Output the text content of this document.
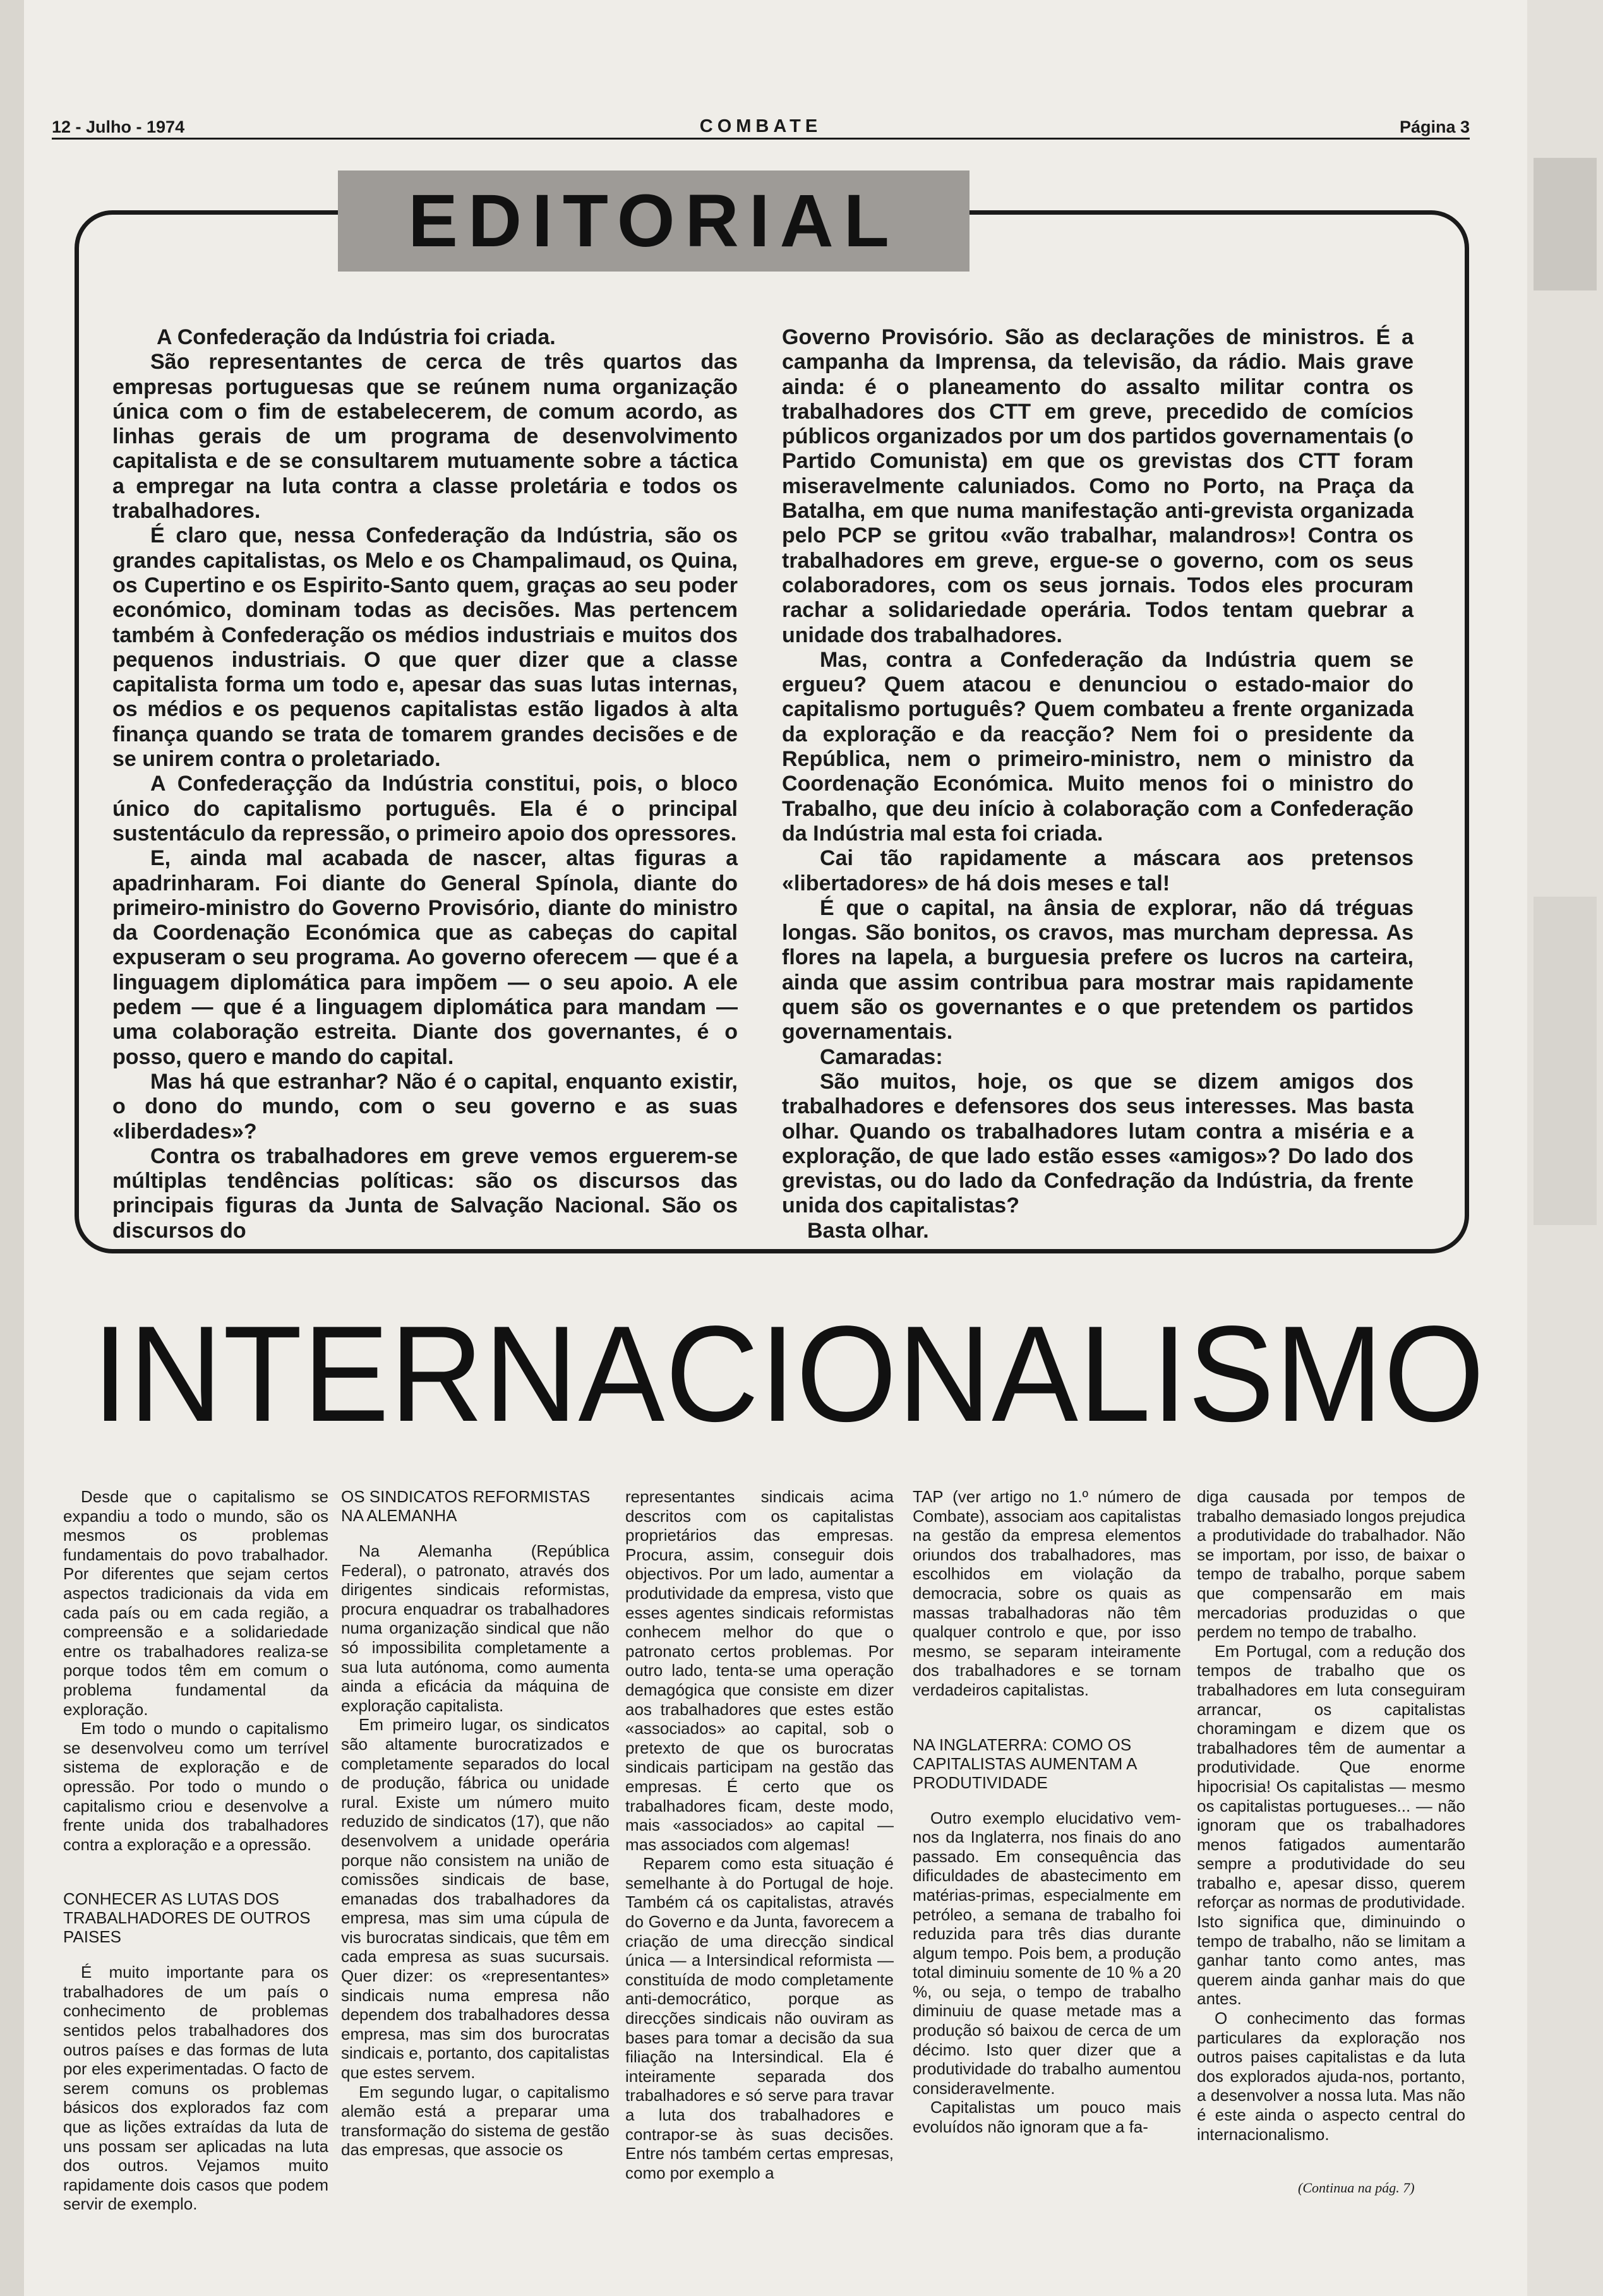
12 - Julho - 1974	COMBATE	Página 3
EDITORIAL

A Confederação da Indústria foi criada.

São representantes de cerca de três quartos das empresas portuguesas que se reúnem numa organização única com o fim de estabelecerem, de comum acordo, as linhas gerais de um programa de desenvolvimento capitalista e de se consultarem mutuamente sobre a táctica a empregar na luta contra a classe proletária e todos os trabalhadores.

É claro que, nessa Confederação da Indústria, são os grandes capitalistas, os Melo e os Champalimaud, os Quina, os Cupertino e os Espirito-Santo quem, graças ao seu poder económico, dominam todas as decisões. Mas pertencem também à Confederação os médios industriais e muitos dos pequenos industriais. O que quer dizer que a classe capitalista forma um todo e, apesar das suas lutas internas, os médios e os pequenos capitalistas estão ligados à alta finança quando se trata de tomarem grandes decisões e de se unirem contra o proletariado.

A Confederaçção da Indústria constitui, pois, o bloco único do capitalismo português. Ela é o principal sustentáculo da repressão, o primeiro apoio dos opressores.

E, ainda mal acabada de nascer, altas figuras a apadrinharam. Foi diante do General Spínola, diante do primeiro-ministro do Governo Provisório, diante do ministro da Coordenação Económica que as cabeças do capital expuseram o seu programa. Ao governo oferecem — que é a linguagem diplomática para impõem — o seu apoio. A ele pedem — que é a linguagem diplomática para mandam — uma colaboração estreita. Diante dos governantes, é o posso, quero e mando do capital.

Mas há que estranhar? Não é o capital, enquanto existir, o dono do mundo, com o seu governo e as suas «liberdades»?

Contra os trabalhadores em greve vemos erguerem-se múltiplas tendências políticas: são os discursos das principais figuras da Junta de Salvação Nacional. São os discursos do

Governo Provisório. São as declarações de ministros. É a campanha da Imprensa, da televisão, da rádio. Mais grave ainda: é o planeamento do assalto militar contra os trabalhadores dos CTT em greve, precedido de comícios públicos organizados por um dos partidos governamentais (o Partido Comunista) em que os grevistas dos CTT foram miseravelmente caluniados. Como no Porto, na Praça da Batalha, em que numa manifestação anti-grevista organizada pelo PCP se gritou «vão trabalhar, malandros»! Contra os trabalhadores em greve, ergue-se o governo, com os seus colaboradores, com os seus jornais. Todos eles procuram rachar a solidariedade operária. Todos tentam quebrar a unidade dos trabalhadores.

Mas, contra a Confederação da Indústria quem se ergueu? Quem atacou e denunciou o estado-maior do capitalismo português? Quem combateu a frente organizada da exploração e da reacção? Nem foi o presidente da República, nem o primeiro-ministro, nem o ministro da Coordenação Económica. Muito menos foi o ministro do Trabalho, que deu início à colaboração com a Confederação da Indústria mal esta foi criada.

Cai tão rapidamente a máscara aos pretensos «libertadores» de há dois meses e tal!

É que o capital, na ânsia de explorar, não dá tréguas longas. São bonitos, os cravos, mas murcham depressa. As flores na lapela, a burguesia prefere os lucros na carteira, ainda que assim contribua para mostrar mais rapidamente quem são os governantes e o que pretendem os partidos governamentais.

Camaradas:

São muitos, hoje, os que se dizem amigos dos trabalhadores e defensores dos seus interesses. Mas basta olhar. Quando os trabalhadores lutam contra a miséria e a exploração, de que lado estão esses «amigos»? Do lado dos grevistas, ou do lado da Confedração da Indústria, da frente unida dos capitalistas?

Basta olhar.

INTERNACIONALISMO

Desde que o capitalismo se expandiu a todo o mundo, são os mesmos os problemas fundamentais do povo trabalhador. Por diferentes que sejam certos aspectos tradicionais da vida em cada país ou em cada região, a compreensão e a solidariedade entre os trabalhadores realiza-se porque todos têm em comum o problema fundamental da exploração.

Em todo o mundo o capitalismo se desenvolveu como um terrível sistema de exploração e de opressão. Por todo o mundo o capitalismo criou e desenvolve a frente unida dos trabalhadores contra a exploração e a opressão.

CONHECER AS LUTAS DOS TRABALHADORES DE OUTROS PAISES

É muito importante para os trabalhadores de um país o conhecimento de problemas sentidos pelos trabalhadores dos outros países e das formas de luta por eles experimentadas. O facto de serem comuns os problemas básicos dos explorados faz com que as lições extraídas da luta de uns possam ser aplicadas na luta dos outros. Vejamos muito rapidamente dois casos que podem servir de exemplo.

OS SINDICATOS REFORMISTAS NA ALEMANHA

Na Alemanha (República Federal), o patronato, através dos dirigentes sindicais reformistas, procura enquadrar os trabalhadores numa organização sindical que não só impossibilita completamente a sua luta autónoma, como aumenta ainda a eficácia da máquina de exploração capitalista.

Em primeiro lugar, os sindicatos são altamente burocratizados e completamente separados do local de produção, fábrica ou unidade rural. Existe um número muito reduzido de sindicatos (17), que não desenvolvem a unidade operária porque não consistem na união de comissões sindicais de base, emanadas dos trabalhadores da empresa, mas sim uma cúpula de vis burocratas sindicais, que têm em cada empresa as suas sucursais. Quer dizer: os «representantes» sindicais numa empresa não dependem dos trabalhadores dessa empresa, mas sim dos burocratas sindicais e, portanto, dos capitalistas que estes servem.

Em segundo lugar, o capitalismo alemão está a preparar uma transformação do sistema de gestão das empresas, que associe os

representantes sindicais acima descritos com os capitalistas proprietários das empresas. Procura, assim, conseguir dois objectivos. Por um lado, aumentar a produtividade da empresa, visto que esses agentes sindicais reformistas conhecem melhor do que o patronato certos problemas. Por outro lado, tenta-se uma operação demagógica que consiste em dizer aos trabalhadores que estes estão «associados» ao capital, sob o pretexto de que os burocratas sindicais participam na gestão das empresas. É certo que os trabalhadores ficam, deste modo, mais «associados» ao capital — mas associados com algemas!

Reparem como esta situação é semelhante à do Portugal de hoje. Também cá os capitalistas, através do Governo e da Junta, favorecem a criação de uma direcção sindical única — a Intersindical reformista — constituída de modo completamente anti-democrático, porque as direcções sindicais não ouviram as bases para tomar a decisão da sua filiação na Intersindical. Ela é inteiramente separada dos trabalhadores e só serve para travar a luta dos trabalhadores e contrapor-se às suas decisões. Entre nós também certas empresas, como por exemplo a

TAP (ver artigo no 1.º número de Combate), associam aos capitalistas na gestão da empresa elementos oriundos dos trabalhadores, mas escolhidos em violação da democracia, sobre os quais as massas trabalhadoras não têm qualquer controlo e que, por isso mesmo, se separam inteiramente dos trabalhadores e se tornam verdadeiros capitalistas.

NA INGLATERRA: COMO OS CAPITALISTAS AUMENTAM A PRODUTIVIDADE

Outro exemplo elucidativo vem-nos da Inglaterra, nos finais do ano passado. Em consequência das dificuldades de abastecimento em matérias-primas, especialmente em petróleo, a semana de trabalho foi reduzida para três dias durante algum tempo. Pois bem, a produção total diminuiu somente de 10 % a 20 %, ou seja, o tempo de trabalho diminuiu de quase metade mas a produção só baixou de cerca de um décimo. Isto quer dizer que a produtividade do trabalho aumentou consideravelmente.

Capitalistas um pouco mais evoluídos não ignoram que a fa-

diga causada por tempos de trabalho demasiado longos prejudica a produtividade do trabalhador. Não se importam, por isso, de baixar o tempo de trabalho, porque sabem que compensarão em mais mercadorias produzidas o que perdem no tempo de trabalho.

Em Portugal, com a redução dos tempos de trabalho que os trabalhadores em luta conseguiram arrancar, os capitalistas choramingam e dizem que os trabalhadores têm de aumentar a produtividade. Que enorme hipocrisia! Os capitalistas — mesmo os capitalistas portugueses... — não ignoram que os trabalhadores menos fatigados aumentarão sempre a produtividade do seu trabalho e, apesar disso, querem reforçar as normas de produtividade. Isto significa que, diminuindo o tempo de trabalho, não se limitam a ganhar tanto como antes, mas querem ainda ganhar mais do que antes.

O conhecimento das formas particulares da exploração nos outros paises capitalistas e da luta dos explorados ajuda-nos, portanto, a desenvolver a nossa luta. Mas não é este ainda o aspecto central do internacionalismo.

(Continua na pág. 7)
